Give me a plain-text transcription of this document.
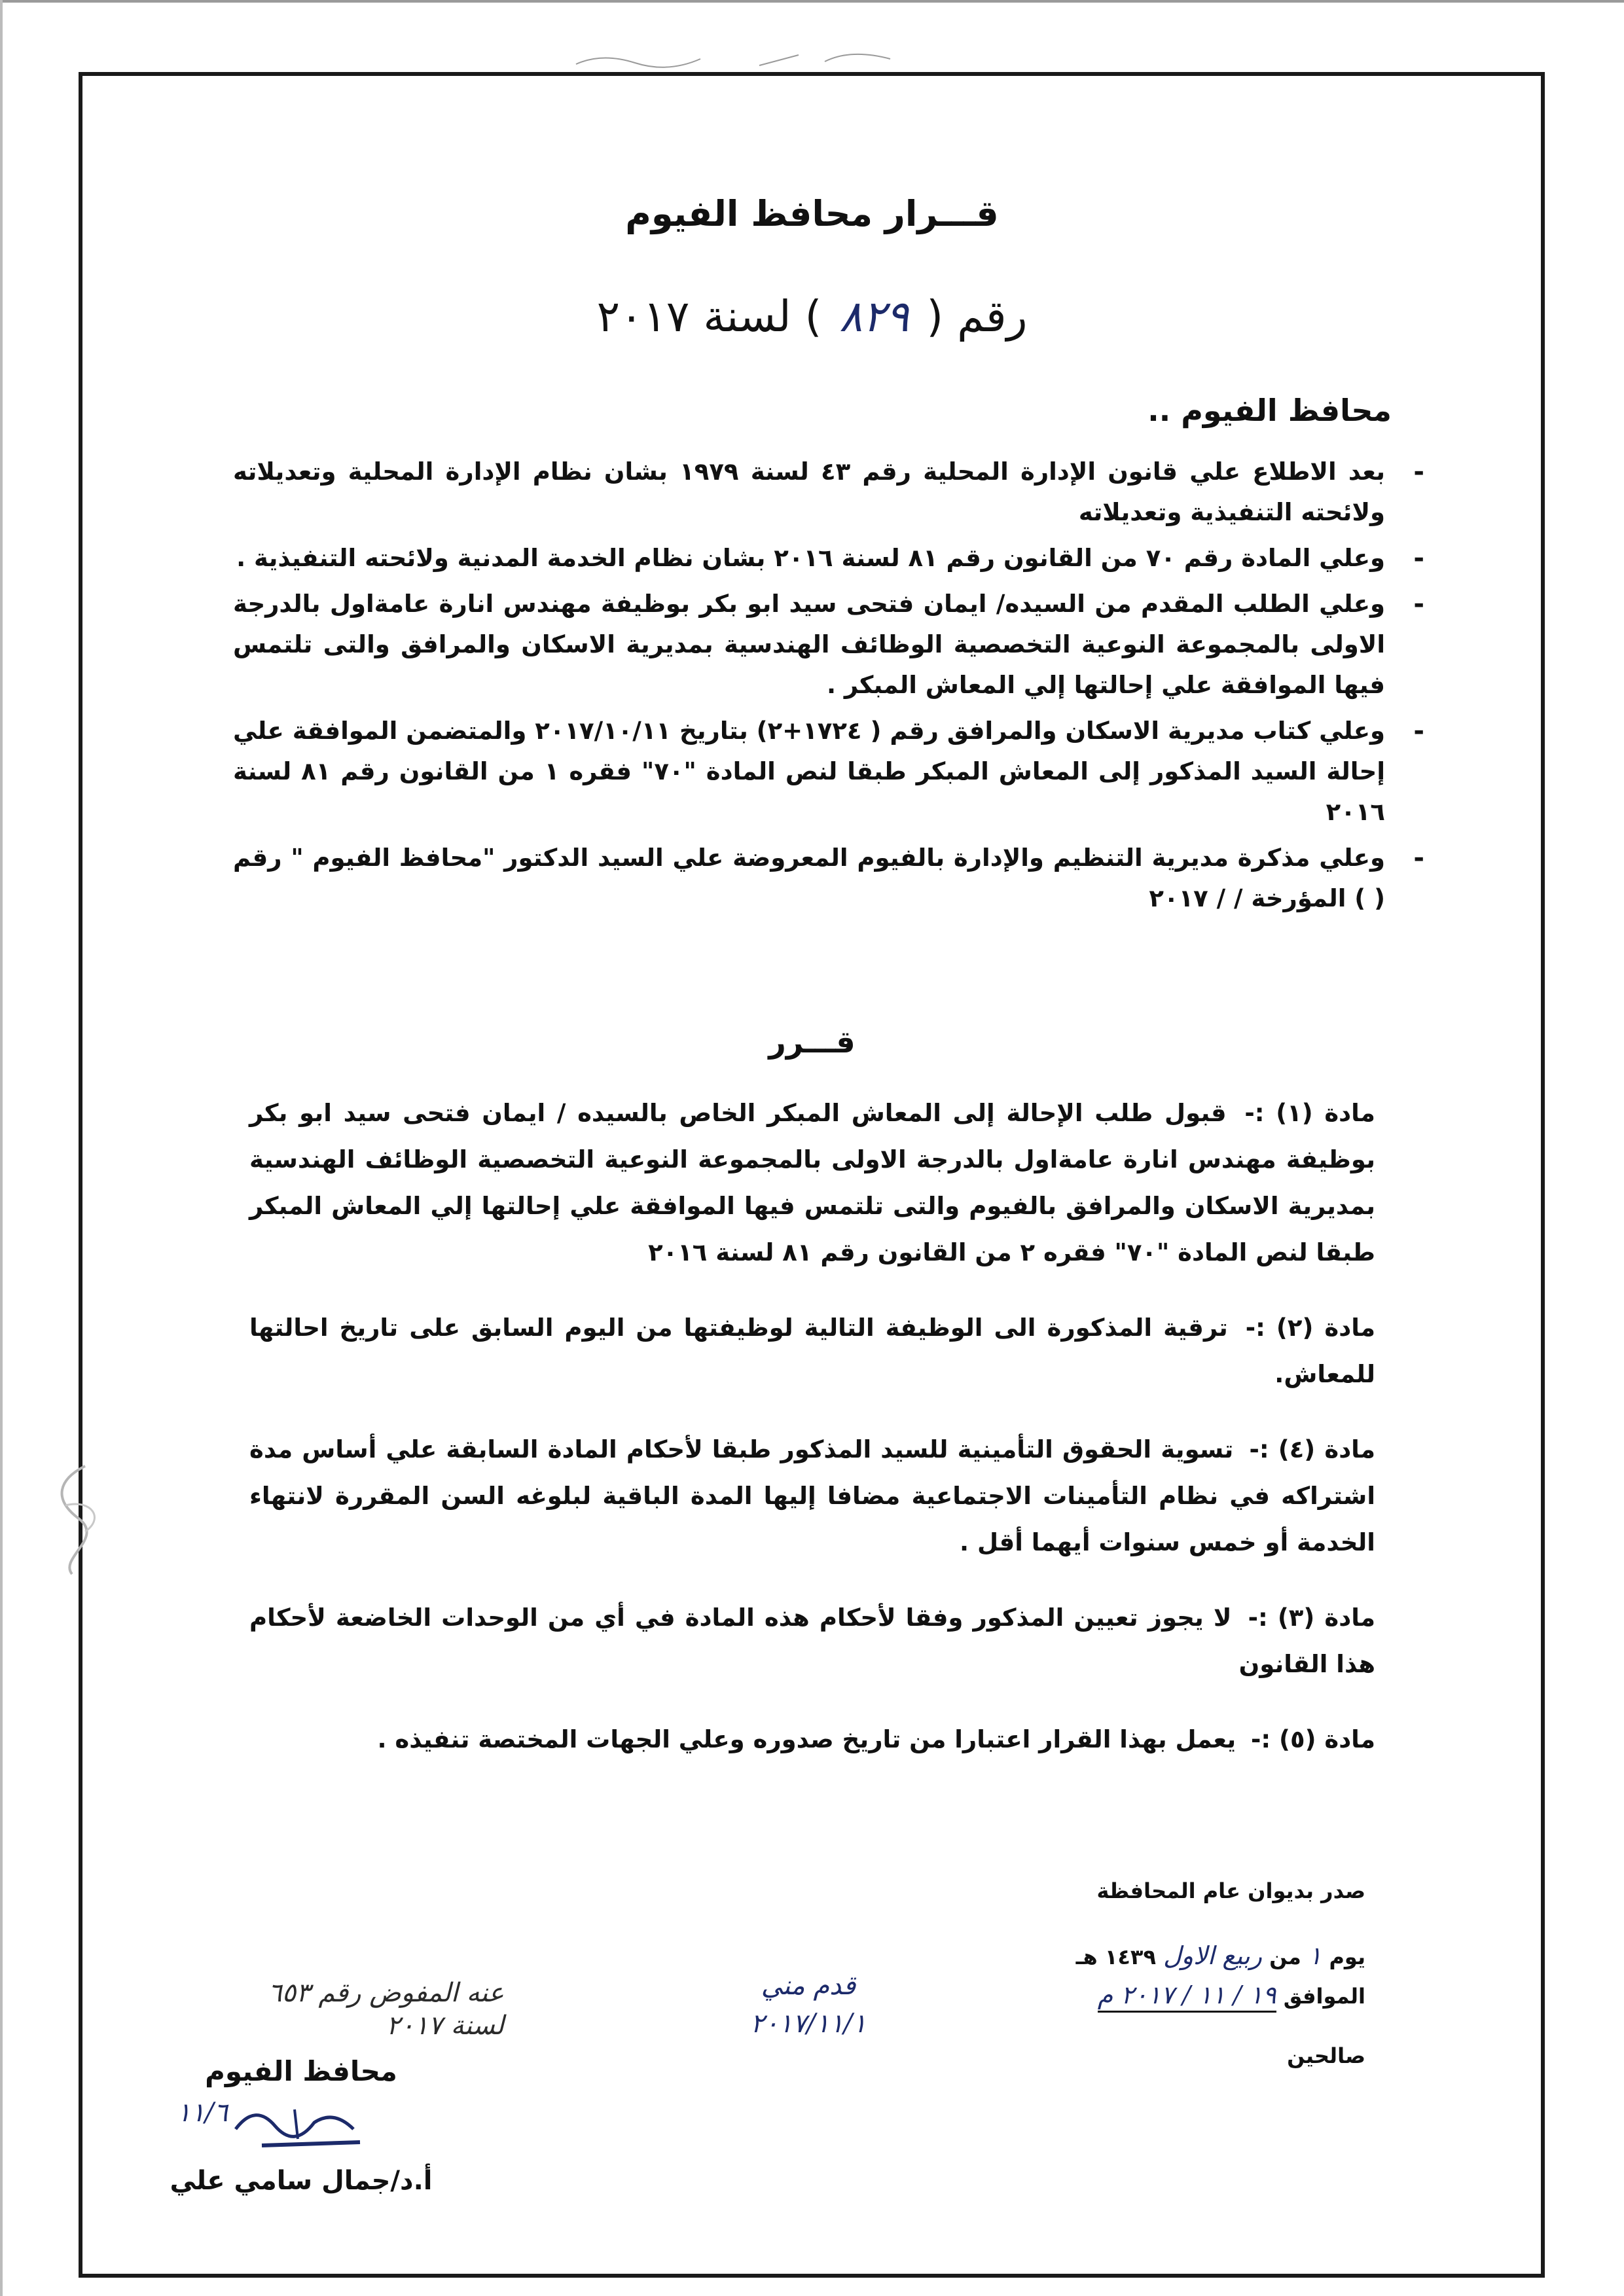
قـــرار محافظ الفيوم
رقم (٨٢٩) لسنة ٢٠١٧
محافظ الفيوم ..
-
بعد الاطلاع علي قانون الإدارة المحلية رقم ٤٣ لسنة ١٩٧٩ بشان نظام الإدارة المحلية وتعديلاته ولائحته التنفيذية وتعديلاته
-
وعلي المادة رقم ٧٠ من القانون رقم ٨١ لسنة ٢٠١٦ بشان نظام الخدمة المدنية ولائحته التنفيذية .
-
وعلي الطلب المقدم من السيده/ ايمان فتحى سيد ابو بكر بوظيفة مهندس انارة عامةاول بالدرجة الاولى بالمجموعة النوعية التخصصية الوظائف الهندسية بمديرية الاسكان والمرافق والتى تلتمس فيها الموافقة علي إحالتها إلي المعاش المبكر .
-
وعلي كتاب مديرية الاسكان والمرافق رقم ( ١٧٢٤+٢) بتاريخ ٢٠١٧/١٠/١١ والمتضمن الموافقة علي إحالة السيد المذكور إلى المعاش المبكر طبقا لنص المادة "٧٠" فقره ١ من القانون رقم ٨١ لسنة ٢٠١٦
-
وعلي مذكرة مديرية التنظيم والإدارة بالفيوم المعروضة علي السيد الدكتور "محافظ الفيوم " رقم ( ) المؤرخة / / ٢٠١٧
قـــرر

مادة (١) :- قبول طلب الإحالة إلى المعاش المبكر الخاص بالسيده / ايمان فتحى سيد ابو بكر بوظيفة مهندس انارة عامةاول بالدرجة الاولى بالمجموعة النوعية التخصصية الوظائف الهندسية بمديرية الاسكان والمرافق بالفيوم والتى تلتمس فيها الموافقة علي إحالتها إلي المعاش المبكر طبقا لنص المادة "٧٠" فقره ٢ من القانون رقم ٨١ لسنة ٢٠١٦

مادة (٢) :- ترقية المذكورة الى الوظيفة التالية لوظيفتها من اليوم السابق على تاريخ احالتها للمعاش.

مادة (٤) :- تسوية الحقوق التأمينية للسيد المذكور طبقا لأحكام المادة السابقة علي أساس مدة اشتراكه في نظام التأمينات الاجتماعية مضافا إليها المدة الباقية لبلوغه السن المقررة لانتهاء الخدمة أو خمس سنوات أيهما أقل .

مادة (٣) :- لا يجوز تعيين المذكور وفقا لأحكام هذه المادة في أي من الوحدات الخاضعة لأحكام هذا القانون

مادة (٥) :- يعمل بهذا القرار اعتبارا من تاريخ صدوره وعلي الجهات المختصة تنفيذه .

صدر بديوان عام المحافظة
يوم ١ من ربيع الاول ١٤٣٩ هـ
الموافق ١٩ / ١١ / ٢٠١٧ م
صالحين
قدم مني
٢٠١٧/١١/١
عنه المفوض رقم ٦٥٣
لسنة ٢٠١٧
محافظ الفيوم
أ.د/جمال سامي علي
١١/٦
